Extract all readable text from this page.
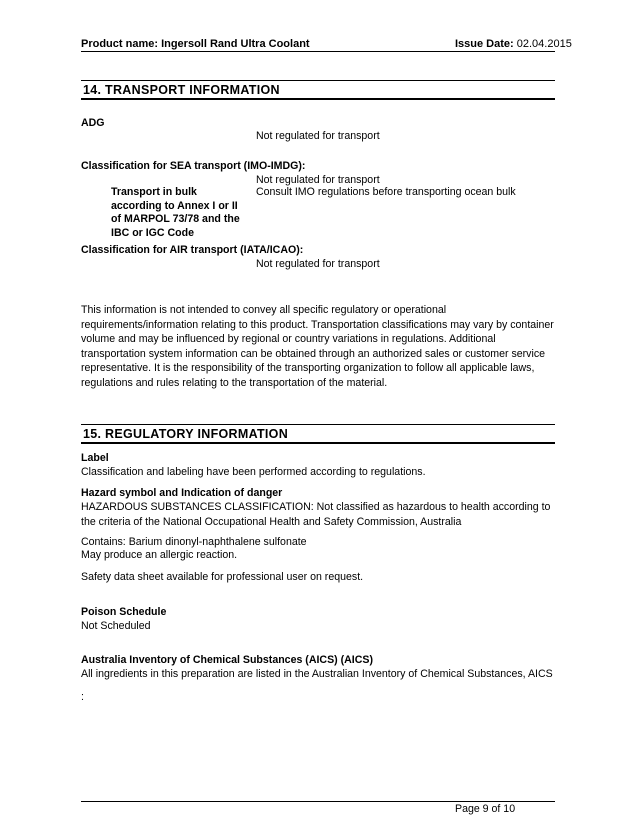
Product name: Ingersoll Rand Ultra Coolant	Issue Date: 02.04.2015
14. TRANSPORT INFORMATION
ADG
Not regulated for transport
Classification for SEA transport (IMO-IMDG):
Not regulated for transport
Transport in bulk
according to Annex I or II
of MARPOL 73/78 and the
IBC or IGC Code
Consult IMO regulations before transporting ocean bulk
Classification for AIR transport (IATA/ICAO):
Not regulated for transport
This information is not intended to convey all specific regulatory or operational
requirements/information relating to this product. Transportation classifications may vary by container
volume and may be influenced by regional or country variations in regulations. Additional
transportation system information can be obtained through an authorized sales or customer service
representative. It is the responsibility of the transporting organization to follow all applicable laws,
regulations and rules relating to the transportation of the material.
15. REGULATORY INFORMATION
Label
Classification and labeling have been performed according to regulations.
Hazard symbol and Indication of danger
HAZARDOUS SUBSTANCES CLASSIFICATION: Not classified as hazardous to health according to
the criteria of the National Occupational Health and Safety Commission, Australia
Contains: Barium dinonyl-naphthalene sulfonate
May produce an allergic reaction.
Safety data sheet available for professional user on request.
Poison Schedule
Not Scheduled
Australia Inventory of Chemical Substances (AICS) (AICS)
All ingredients in this preparation are listed in the Australian Inventory of Chemical Substances, AICS
:
Page 9 of 10
